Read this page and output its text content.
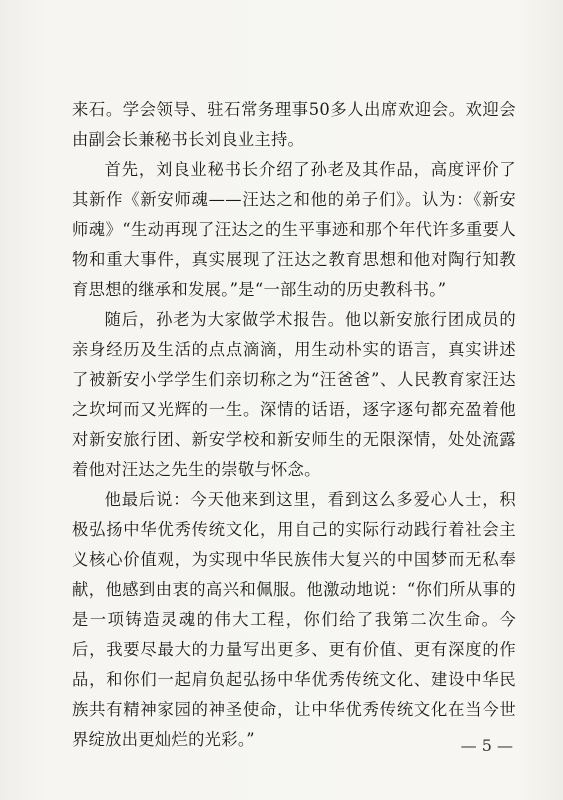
来石。学会领导、驻石常务理事50多人出席欢迎会。欢迎会由副会长兼秘书长刘良业主持。

首先，刘良业秘书长介绍了孙老及其作品，高度评价了其新作《新安师魂——汪达之和他的弟子们》。认为：《新安师魂》“生动再现了汪达之的生平事迹和那个年代许多重要人物和重大事件，真实展现了汪达之教育思想和他对陶行知教育思想的继承和发展。”是“一部生动的历史教科书。”

随后，孙老为大家做学术报告。他以新安旅行团成员的亲身经历及生活的点点滴滴，用生动朴实的语言，真实讲述了被新安小学学生们亲切称之为“汪爸爸”、人民教育家汪达之坎坷而又光辉的一生。深情的话语，逐字逐句都充盈着他对新安旅行团、新安学校和新安师生的无限深情，处处流露着他对汪达之先生的崇敬与怀念。

他最后说：今天他来到这里，看到这么多爱心人士，积极弘扬中华优秀传统文化，用自己的实际行动践行着社会主义核心价值观，为实现中华民族伟大复兴的中国梦而无私奉献，他感到由衷的高兴和佩服。他激动地说：“你们所从事的是一项铸造灵魂的伟大工程，你们给了我第二次生命。今后，我要尽最大的力量写出更多、更有价值、更有深度的作品，和你们一起肩负起弘扬中华优秀传统文化、建设中华民族共有精神家园的神圣使命，让中华优秀传统文化在当今世界绽放出更灿烂的光彩。”	— 5 —
